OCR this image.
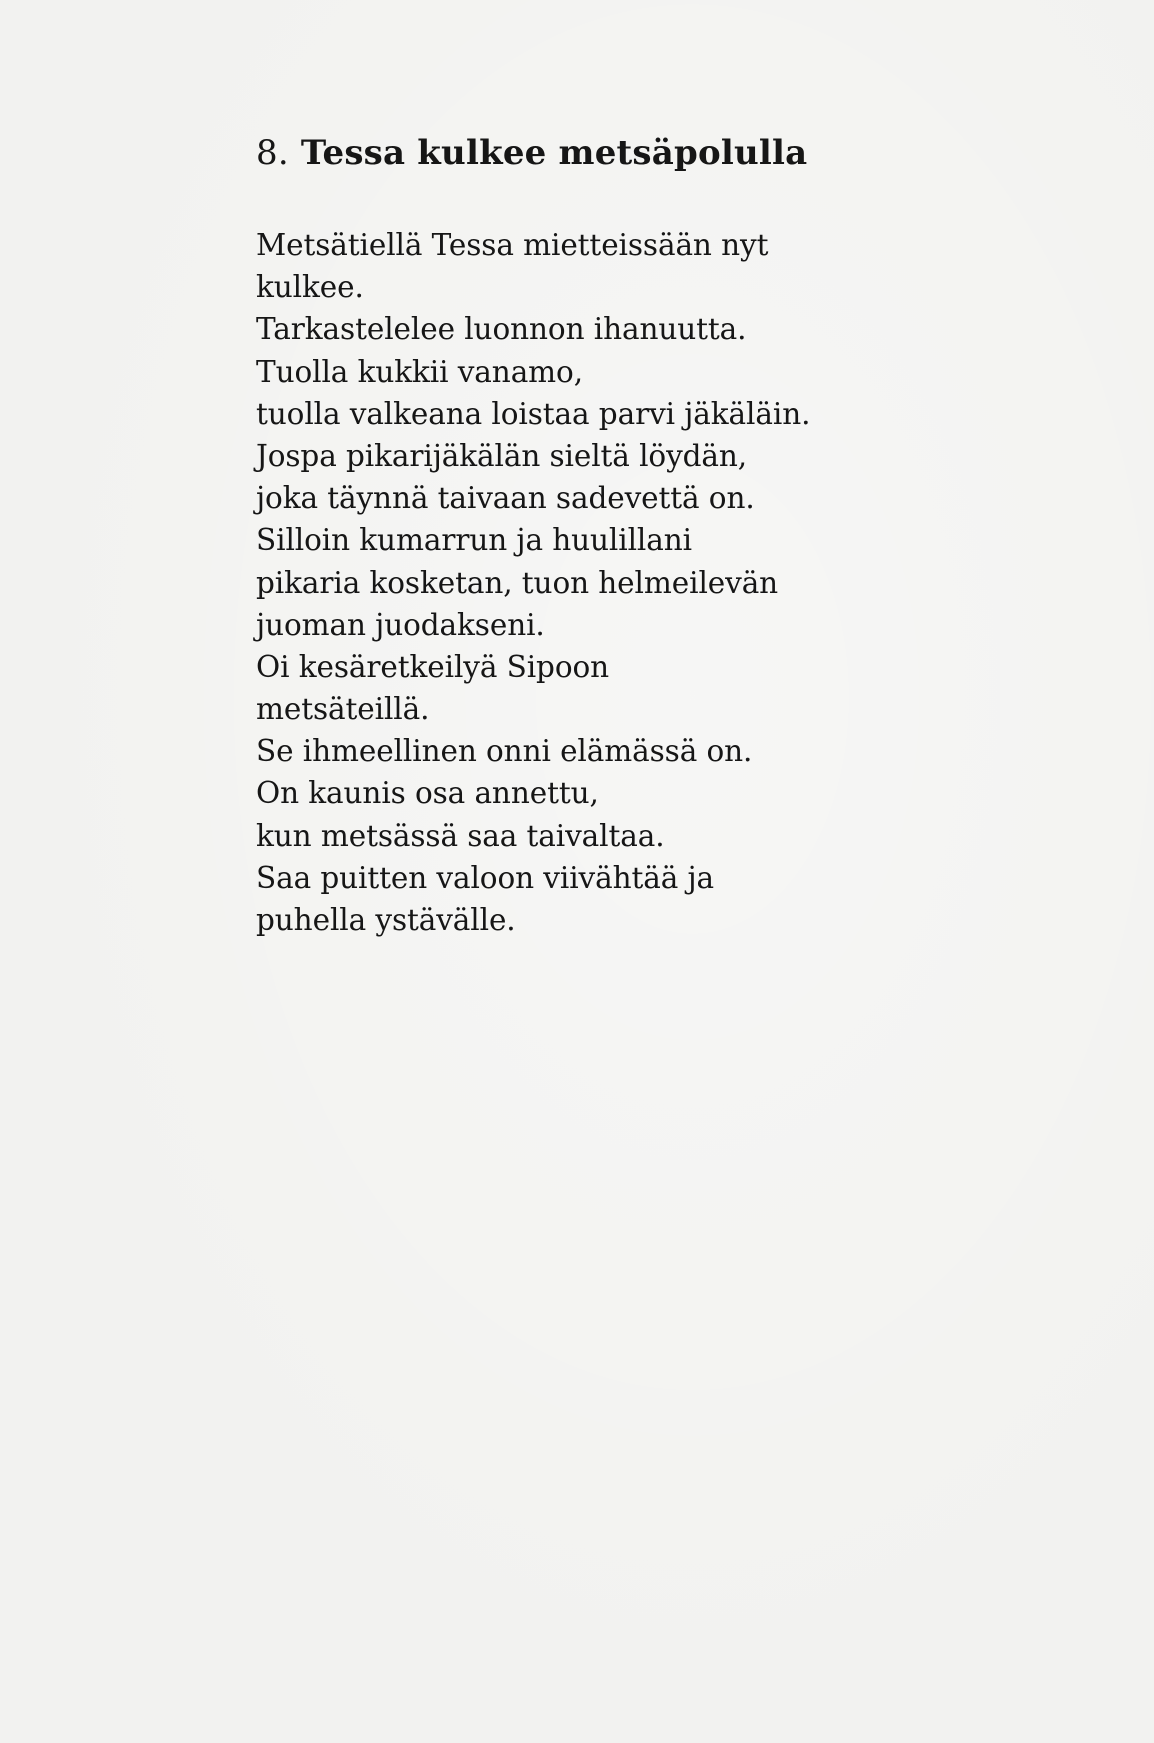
8. Tessa kulkee metsäpolulla
Metsätiellä Tessa mietteissään nyt
kulkee.
Tarkastelelee luonnon ihanuutta.
Tuolla kukkii vanamo,
tuolla valkeana loistaa parvi jäkäläin.
Jospa pikarijäkälän sieltä löydän,
joka täynnä taivaan sadevettä on.
Silloin kumarrun ja huulillani
pikaria kosketan, tuon helmeilevän
juoman juodakseni.
Oi kesäretkeilyä Sipoon
metsäteillä.
Se ihmeellinen onni elämässä on.
On kaunis osa annettu,
kun metsässä saa taivaltaa.
Saa puitten valoon viivähtää ja
puhella ystävälle.
